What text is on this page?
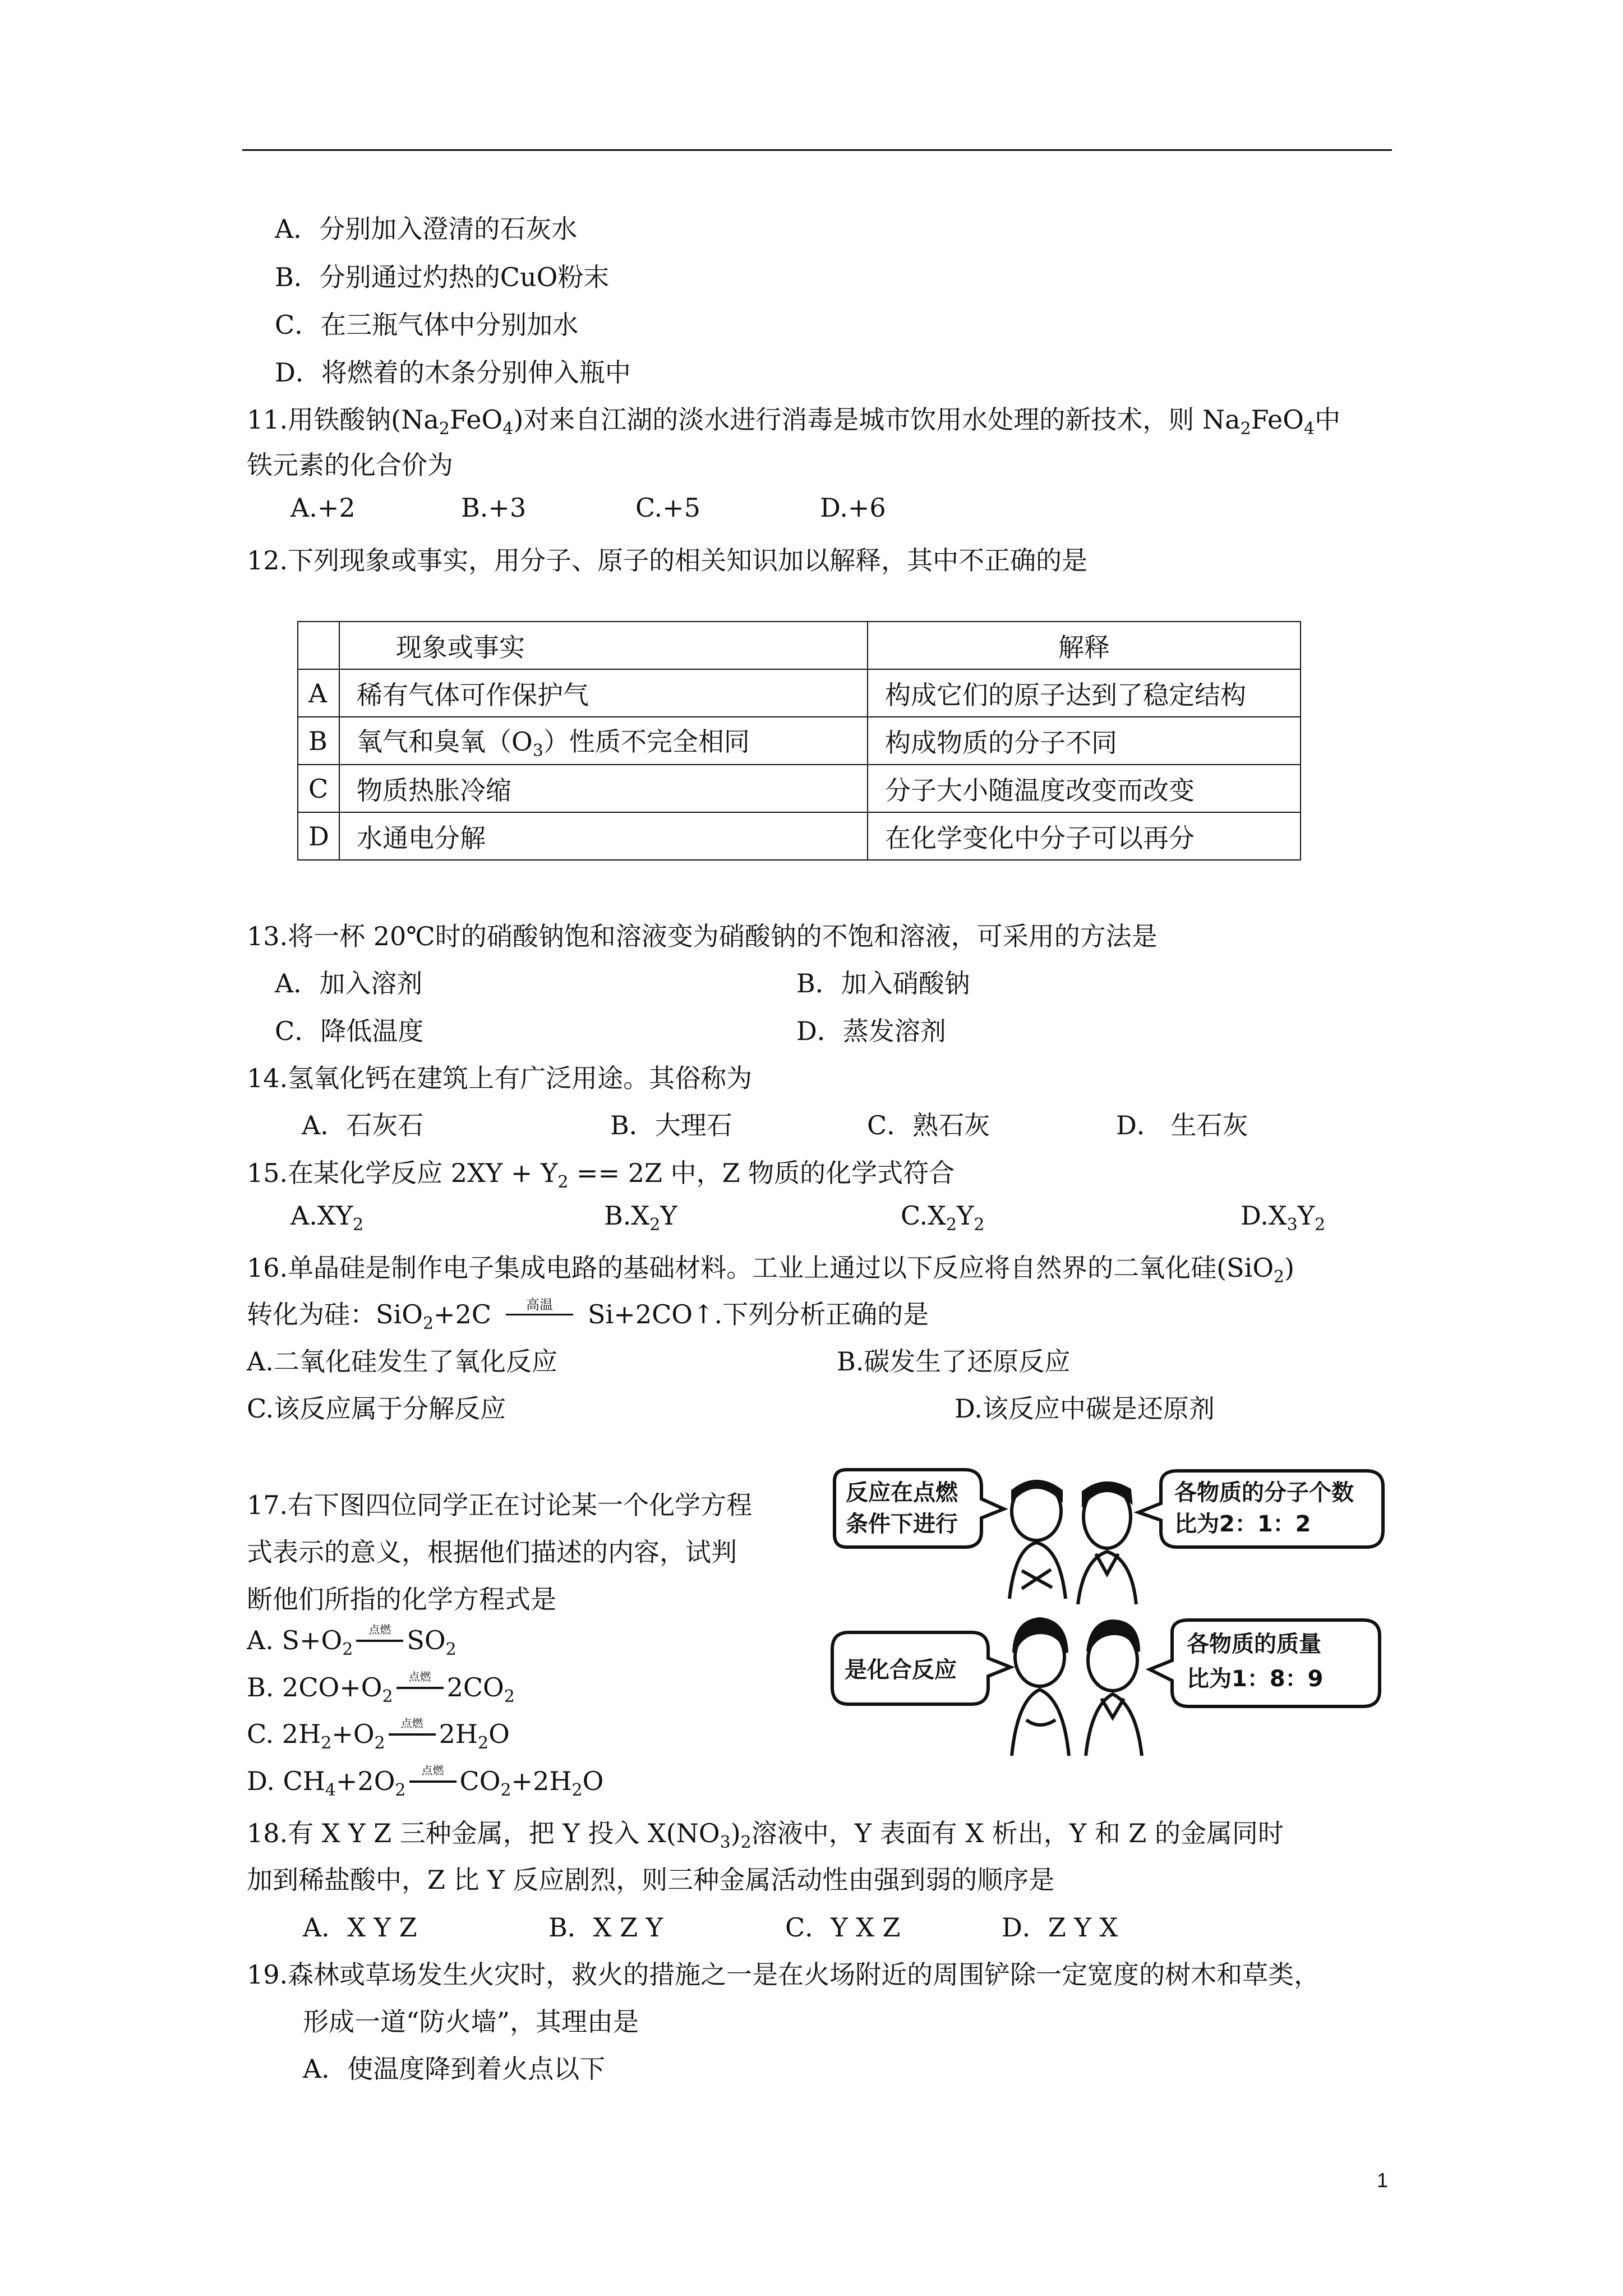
A．分别加入澄清的石灰水
B．分别通过灼热的CuO粉末
C．在三瓶气体中分别加水
D．将燃着的木条分别伸入瓶中
11.用铁酸钠$(Na_2FeO_4)$对来自江湖的淡水进行消毒是城市饮用水处理的新技术，则 $Na_2FeO_4$中
铁元素的化合价为
A.+2	B.+3	C.+5	D.+6
12.下列现象或事实，用分子、原子的相关知识加以解释，其中不正确的是
	现象或事实	解释
A	稀有气体可作保护气	构成它们的原子达到了稳定结构
B	氧气和臭氧$(O_3)$性质不完全相同	构成物质的分子不同
C	物质热胀冷缩	分子大小随温度改变而改变
D	水通电分解	在化学变化中分子可以再分
13.将一杯 20℃时的硝酸钠饱和溶液变为硝酸钠的不饱和溶液，可采用的方法是
A．加入溶剂	B．加入硝酸钠
C．降低温度	D．蒸发溶剂
14.氢氧化钙在建筑上有广泛用途。其俗称为
A．石灰石	B．大理石	C．熟石灰	D． 生石灰
15.在某化学反应 $2XY + Y_2 == 2Z$ 中，Z 物质的化学式符合
$A.XY_2$	$B.X_2Y$	$C.X_2Y_2$	$D.X_3Y_2$
16.单晶硅是制作电子集成电路的基础材料。工业上通过以下反应将自然界的二氧化硅(SiO$_2$)
转化为硅：SiO$_2$+2C	高温	Si+2CO↑.下列分析正确的是
A.二氧化硅发生了氧化反应	B.碳发生了还原反应
C.该反应属于分解反应	D.该反应中碳是还原剂
17.右下图四位同学正在讨论某一个化学方程
式表示的意义，根据他们描述的内容，试判
断他们所指的化学方程式是
A. $S+O_2$
点燃 $SO_2$
B. $2CO+O_2$
点燃 $2CO_2$
C. $2H_2+O_2$
点燃 $2H_2O$
D. $CH_4+2O_2$
点燃 $CO_2+2H_2O$
反应在点燃
条件下进行
各物质的分子个数
比为2：1：2
是化合反应
各物质的质量
比为1：8：9
18.有 X Y Z 三种金属，把 Y 投入 $X(NO_3)_2$溶液中，Y 表面有 X 析出，Y 和 Z 的金属同时
加到稀盐酸中，Z 比 Y 反应剧烈，则三种金属活动性由强到弱的顺序是
A．X Y Z	B．X Z Y	C．Y X Z	D．Z Y X
19.森林或草场发生火灾时，救火的措施之一是在火场附近的周围铲除一定宽度的树木和草类，
形成一道“防火墙”，其理由是
A．使温度降到着火点以下
1
